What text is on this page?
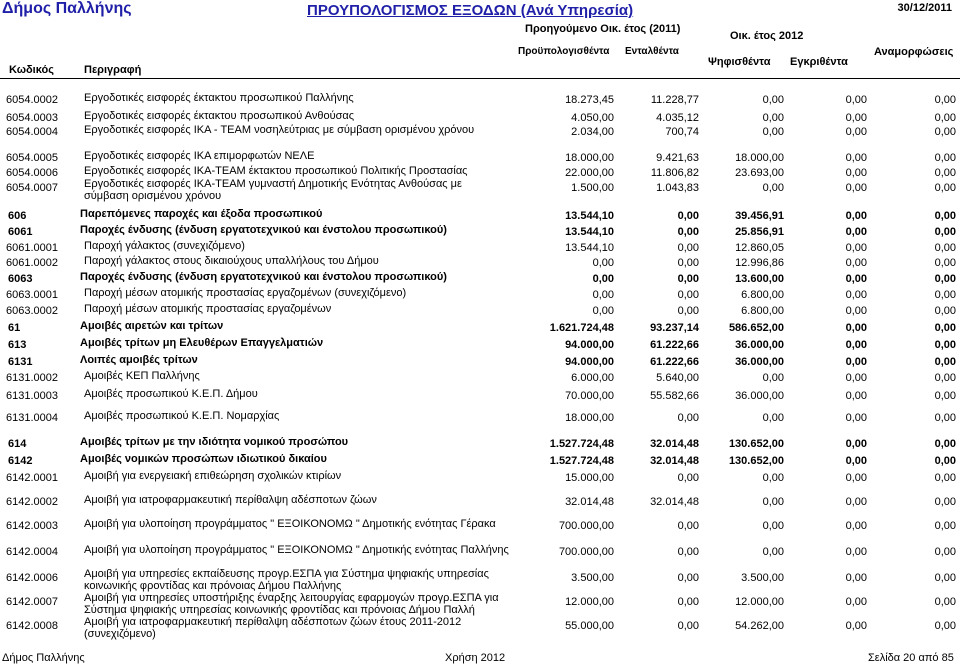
Δήμος Παλλήνης	ΠΡΟΥΠΟΛΟΓΙΣΜΟΣ ΕΞΟΔΩΝ (Ανά Υπηρεσία)	30/12/2011
Προηγούμενο Οικ. έτος (2011)
Οικ. έτος 2012
Κωδικός	Περιγραφή
Προϋπολογισθέντα Ενταλθέντα
Ψηφισθέντα Εγκριθέντα
Αναμορφώσεις
6054.0002 Εργοδοτικές εισφορές έκτακτου προσωπικού Παλλήνης	18.273,45	11.228,77	0,00	0,00	0,00
6054.0003 Εργοδοτικές εισφορές έκτακτου προσωπικού Ανθούσας	4.050,00	4.035,12	0,00	0,00	0,00
6054.0004 Εργοδοτικές εισφορές ΙΚΑ - ΤΕΑΜ νοσηλεύτριας με σύμβαση ορισμένου χρόνου	2.034,00	700,74	0,00	0,00	0,00
6054.0005 Εργοδοτικές εισφορές ΙΚΑ επιμορφωτών ΝΕΛΕ	18.000,00	9.421,63	18.000,00	0,00	0,00
6054.0006 Εργοδοτικές εισφορές ΙΚΑ-ΤΕΑΜ έκτακτου προσωπικού Πολιτικής Προστασίας	22.000,00	11.806,82	23.693,00	0,00	0,00
6054.0007 Εργοδοτικές εισφορές ΙΚΑ-ΤΕΑΜ γυμναστή Δημοτικής Ενότητας Ανθούσας με σύμβαση ορισμένου χρόνου
1.500,00	1.043,83	0,00	0,00	0,00
606	Παρεπόμενες παροχές και έξοδα προσωπικού	13.544,10	0,00	39.456,91	0,00	0,00
6061	Παροχές ένδυσης (ένδυση εργατοτεχνικού και ένστολου προσωπικού)	13.544,10	0,00	25.856,91	0,00	0,00
6061.0001 Παροχή γάλακτος (συνεχιζόμενο)	13.544,10	0,00	12.860,05	0,00	0,00
6061.0002 Παροχή γάλακτος στους δικαιούχους υπαλλήλους του Δήμου	0,00	0,00	12.996,86	0,00	0,00
6063	Παροχές ένδυσης (ένδυση εργατοτεχνικού και ένστολου προσωπικού)	0,00	0,00	13.600,00	0,00	0,00
6063.0001 Παροχή μέσων ατομικής προστασίας εργαζομένων (συνεχιζόμενο)	0,00	0,00	6.800,00	0,00	0,00
6063.0002 Παροχή μέσων ατομικής προστασίας εργαζομένων	0,00	0,00	6.800,00	0,00	0,00
61	Αμοιβές αιρετών και τρίτων	1.621.724,48	93.237,14	586.652,00	0,00	0,00
613	Αμοιβές τρίτων μη Ελευθέρων Επαγγελματιών	94.000,00	61.222,66	36.000,00	0,00	0,00
6131	Λοιπές αμοιβές τρίτων	94.000,00	61.222,66	36.000,00	0,00	0,00
6131.0002 Αμοιβές ΚΕΠ Παλλήνης	6.000,00	5.640,00	0,00	0,00	0,00
6131.0003 Αμοιβές προσωπικού Κ.Ε.Π. Δήμου	70.000,00	55.582,66	36.000,00	0,00	0,00
6131.0004 Αμοιβές προσωπικού Κ.Ε.Π. Νομαρχίας	18.000,00	0,00	0,00	0,00	0,00
614	Αμοιβές τρίτων με την ιδιότητα νομικού προσώπου	1.527.724,48	32.014,48	130.652,00	0,00	0,00
6142	Αμοιβές νομικών προσώπων ιδιωτικού δικαίου	1.527.724,48	32.014,48	130.652,00	0,00	0,00
6142.0001 Αμοιβή για ενεργειακή επιθεώρηση σχολικών κτιρίων	15.000,00	0,00	0,00	0,00	0,00
6142.0002 Αμοιβή για ιατροφαρμακευτική περίθαλψη αδέσποτων ζώων	32.014,48	32.014,48	0,00	0,00	0,00
6142.0003 Αμοιβή για υλοποίηση προγράμματος " ΕΞΟΙΚΟΝΟΜΩ " Δημοτικής ενότητας Γέρακα	700.000,00	0,00	0,00	0,00	0,00
6142.0004 Αμοιβή για υλοποίηση προγράμματος " ΕΞΟΙΚΟΝΟΜΩ " Δημοτικής ενότητας Παλλήνης	700.000,00	0,00	0,00	0,00	0,00
6142.0006 Αμοιβή για υπηρεσίες εκπαίδευσης προγρ.ΕΣΠΑ για Σύστημα ψηφιακής υπηρεσίας κοινωνικής φροντίδας και πρόνοιας Δήμου Παλλήνης
3.500,00	0,00	3.500,00	0,00	0,00
6142.0007 Αμοιβή για υπηρεσίες υποστήριξης έναρξης λειτουργίας εφαρμογών προγρ.ΕΣΠΑ για Σύστημα ψηφιακής υπηρεσίας κοινωνικής φροντίδας και πρόνοιας Δήμου Παλλή
12.000,00	0,00	12.000,00	0,00	0,00
6142.0008 Αμοιβή για ιατροφαρμακευτική περίθαλψη αδέσποτων ζώων έτους 2011-2012 (συνεχιζόμενο)
55.000,00	0,00	54.262,00	0,00	0,00
Δήμος Παλλήνης	Χρήση 2012	Σελίδα 20 από 85
